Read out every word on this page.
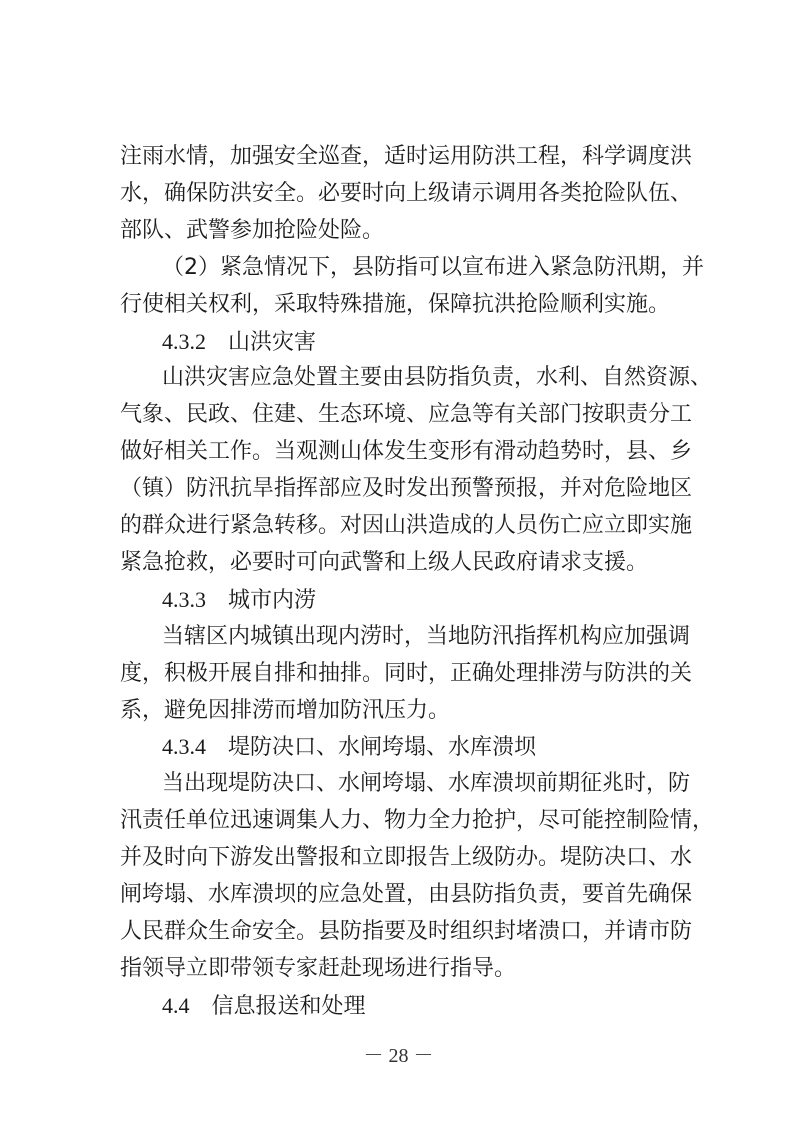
注雨水情，加强安全巡查，适时运用防洪工程，科学调度洪
水，确保防洪安全。必要时向上级请示调用各类抢险队伍、
部队、武警参加抢险处险。
（2）紧急情况下，县防指可以宣布进入紧急防汛期，并
行使相关权利，采取特殊措施，保障抗洪抢险顺利实施。
4.3.2 山洪灾害
山洪灾害应急处置主要由县防指负责，水利、自然资源、
气象、民政、住建、生态环境、应急等有关部门按职责分工
做好相关工作。当观测山体发生变形有滑动趋势时，县、乡
（镇）防汛抗旱指挥部应及时发出预警预报，并对危险地区
的群众进行紧急转移。对因山洪造成的人员伤亡应立即实施
紧急抢救，必要时可向武警和上级人民政府请求支援。
4.3.3 城市内涝
当辖区内城镇出现内涝时，当地防汛指挥机构应加强调
度，积极开展自排和抽排。同时，正确处理排涝与防洪的关
系，避免因排涝而增加防汛压力。
4.3.4 堤防决口、水闸垮塌、水库溃坝
当出现堤防决口、水闸垮塌、水库溃坝前期征兆时，防
汛责任单位迅速调集人力、物力全力抢护，尽可能控制险情，
并及时向下游发出警报和立即报告上级防办。堤防决口、水
闸垮塌、水库溃坝的应急处置，由县防指负责，要首先确保
人民群众生命安全。县防指要及时组织封堵溃口，并请市防
指领导立即带领专家赶赴现场进行指导。
4.4 信息报送和处理
－ 28 －
